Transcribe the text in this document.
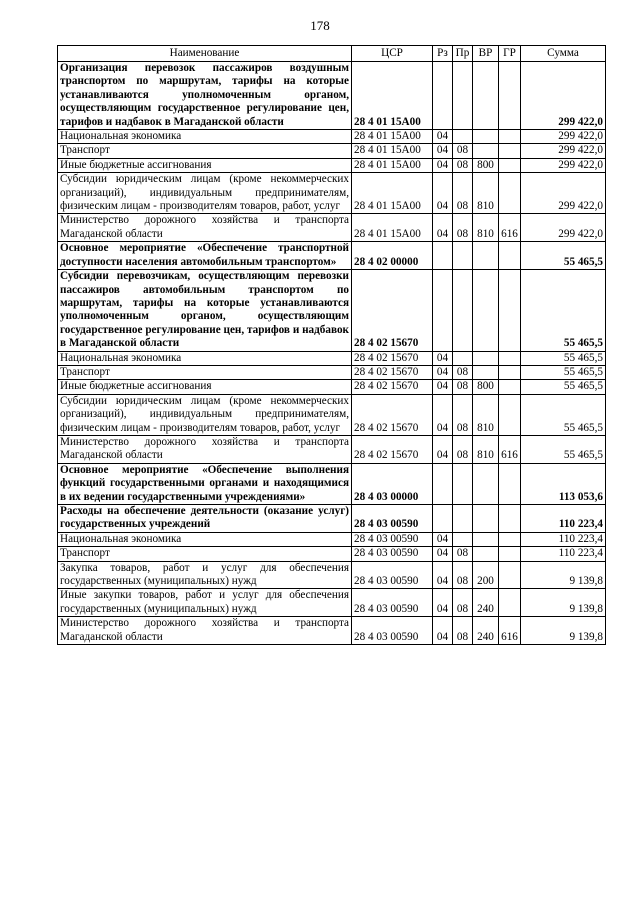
178
Наименование	ЦСР	Рз	Пр	ВР	ГР	Сумма
Организация перевозок пассажиров воздушным транспортом по маршрутам, тарифы на которые устанавливаются уполномоченным органом, осуществляющим государственное регулирование цен, тарифов и надбавок в Магаданской области	28 4 01 15А00					299 422,0
Национальная экономика	28 4 01 15А00	04				299 422,0
Транспорт	28 4 01 15А00	04	08			299 422,0
Иные бюджетные ассигнования	28 4 01 15А00	04	08	800		299 422,0
Субсидии юридическим лицам (кроме некоммерческих организаций), индивидуальным предпринимателям, физическим лицам - производителям товаров, работ, услуг	28 4 01 15А00	04	08	810		299 422,0
Министерство дорожного хозяйства и транспорта Магаданской области	28 4 01 15А00	04	08	810	616	299 422,0
Основное мероприятие «Обеспечение транспортной доступности населения автомобильным транспортом»	28 4 02 00000					55 465,5
Субсидии перевозчикам, осуществляющим перевозки пассажиров автомобильным транспортом по маршрутам, тарифы на которые устанавливаются уполномоченным органом, осуществляющим государственное регулирование цен, тарифов и надбавок в Магаданской области	28 4 02 15670					55 465,5
Национальная экономика	28 4 02 15670	04				55 465,5
Транспорт	28 4 02 15670	04	08			55 465,5
Иные бюджетные ассигнования	28 4 02 15670	04	08	800		55 465,5
Субсидии юридическим лицам (кроме некоммерческих организаций), индивидуальным предпринимателям, физическим лицам - производителям товаров, работ, услуг	28 4 02 15670	04	08	810		55 465,5
Министерство дорожного хозяйства и транспорта Магаданской области	28 4 02 15670	04	08	810	616	55 465,5
Основное мероприятие «Обеспечение выполнения функций государственными органами и находящимися в их ведении государственными учреждениями»	28 4 03 00000					113 053,6
Расходы на обеспечение деятельности (оказание услуг) государственных учреждений	28 4 03 00590					110 223,4
Национальная экономика	28 4 03 00590	04				110 223,4
Транспорт	28 4 03 00590	04	08			110 223,4
Закупка товаров, работ и услуг для обеспечения государственных (муниципальных) нужд	28 4 03 00590	04	08	200		9 139,8
Иные закупки товаров, работ и услуг для обеспечения государственных (муниципальных) нужд	28 4 03 00590	04	08	240		9 139,8
Министерство дорожного хозяйства и транспорта Магаданской области	28 4 03 00590	04	08	240	616	9 139,8
